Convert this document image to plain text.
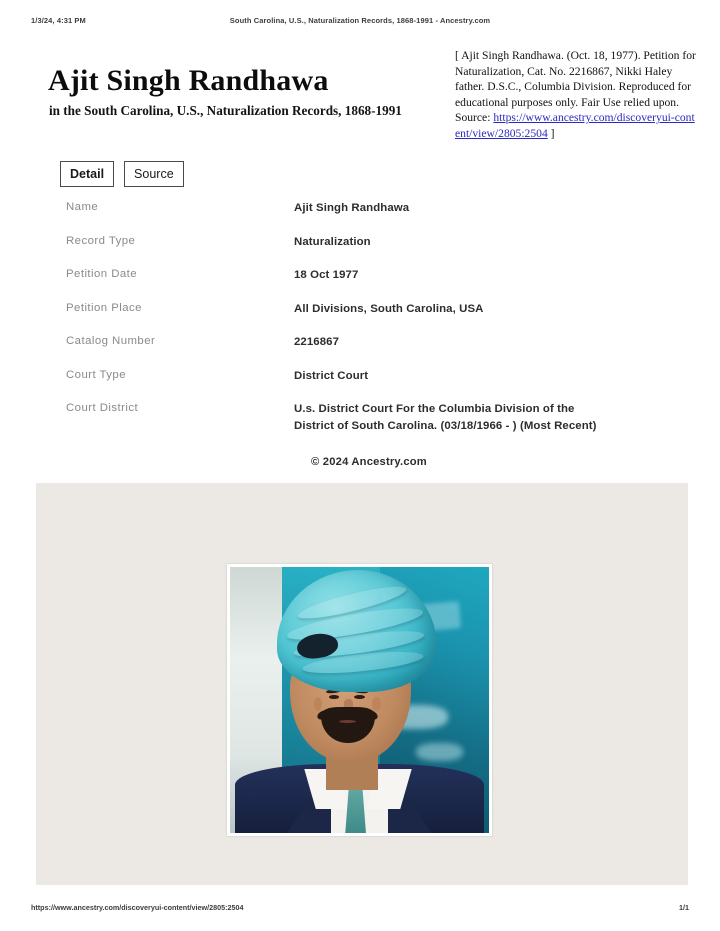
1/3/24, 4:31 PM	South Carolina, U.S., Naturalization Records, 1868-1991 - Ancestry.com
[ Ajit Singh Randhawa. (Oct. 18, 1977). Petition for Naturalization, Cat. No. 2216867, Nikki Haley father. D.S.C., Columbia Division. Reproduced for educational purposes only. Fair Use relied upon. Source: https://www.ancestry.com/discoveryui-content/view/2805:2504 ]
Ajit Singh Randhawa
in the South Carolina, U.S., Naturalization Records, 1868-1991
Detail Source
Name	Ajit Singh Randhawa
Record Type	Naturalization
Petition Date	18 Oct 1977
Petition Place	All Divisions, South Carolina, USA
Catalog Number	2216867
Court Type	District Court
Court District	U.s. District Court For the Columbia Division of the
District of South Carolina. (03/18/1966 - ) (Most Recent)
© 2024 Ancestry.com
https://www.ancestry.com/discoveryui-content/view/2805:2504	1/1
